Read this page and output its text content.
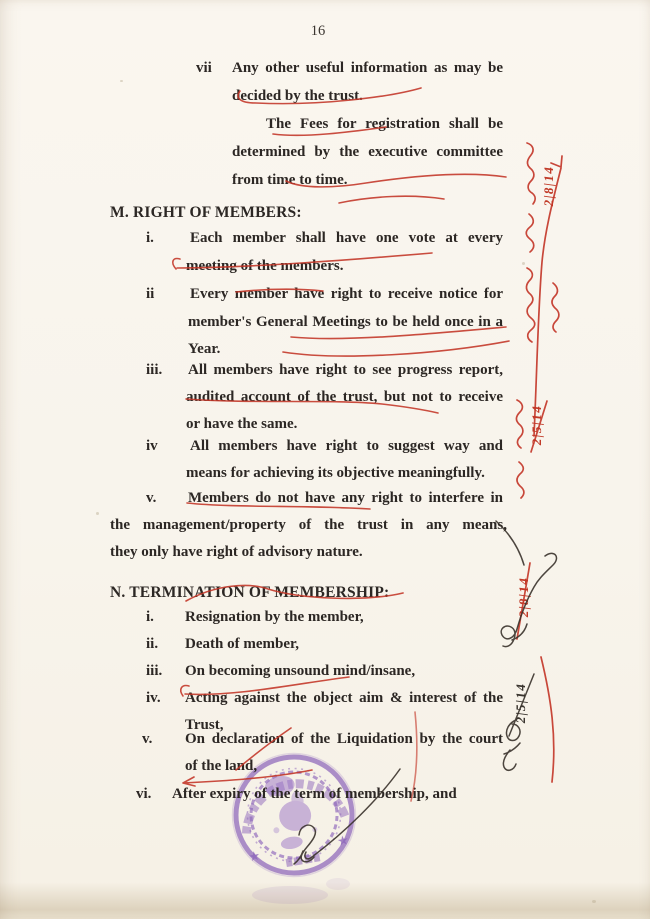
★
★
16
vii Any other useful information as may be
decided by the trust.
The Fees for registration shall be
determined by the executive committee
from time to time.
M. RIGHT OF MEMBERS:
i. Each member shall have one vote at every
meeting of the members.
ii Every member have right to receive notice for
member's General Meetings to be held once in a
Year.
iii. All members have right to see progress report,
audited account of the trust, but not to receive
or have the same.
iv All members have right to suggest way and
means for achieving its objective meaningfully.
v. Members do not have any right to interfere in
the management/property of the trust in any means,
they only have right of advisory nature.
N. TERMINATION OF MEMBERSHIP:
i. Resignation by the member,
ii. Death of member,
iii. On becoming unsound mind/insane,
iv. Acting against the object aim & interest of the
Trust,
v. On declaration of the Liquidation by the court
of the land,
vi. After expiry of the term of membership, and
2|8|14
2|5|14
2|8|14
2|5|14
